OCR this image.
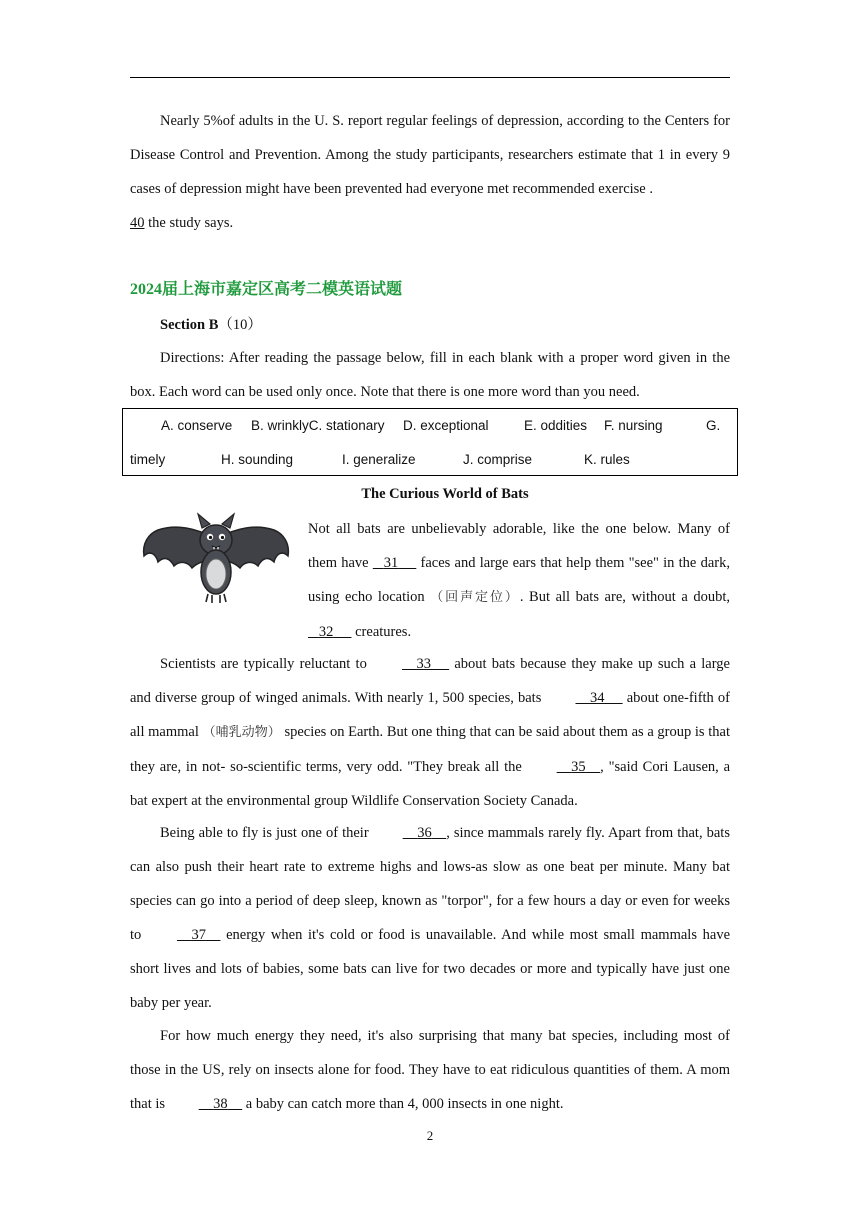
Nearly 5%of adults in the U. S. report regular feelings of depression, according to the Centers for Disease Control and Prevention. Among the study participants, researchers estimate that 1 in every 9 cases of depression might have been prevented had everyone met recommended exercise .
40 the study says.

2024届上海市嘉定区高考二模英语试题
Section B（10）

Directions: After reading the passage below, fill in each blank with a proper word given in the box. Each word can be used only once. Note that there is one more word than you need.

A. conserve B. wrinklyC. stationary D. exceptional	E. oddities F. nursing	G.
timely	H. sounding	I. generalize	J. comprise	K. rules
The Curious World of Bats

Not all bats are unbelievably adorable, like the one below. Many of them have    31      faces and large ears that help them "see" in the dark, using echo location （回声定位）. But all bats are, without a doubt,    32      creatures.

Scientists are typically reluctant to	33      about bats because they make up such a large and diverse group of winged animals. With nearly 1, 500 species, bats	34      about one-fifth of all mammal （哺乳动物） species on Earth. But one thing that can be said about them as a group is that they are, in not- so-scientific terms, very odd. "They break all the	35 , "said Cori Lausen, a bat expert at the environmental group Wildlife Conservation Society Canada.

Being able to fly is just one of their	36 , since mammals rarely fly. Apart from that, bats can also push their heart rate to extreme highs and lows-as slow as one beat per minute. Many bat species can go into a period of deep sleep, known as "torpor", for a few hours a day or even for weeks to	37     energy when it's cold or food is unavailable. And while most small mammals have short lives and lots of babies, some bats can live for two decades or more and typically have just one baby per year.

For how much energy they need, it's also surprising that many bat species, including most of those in the US, rely on insects alone for food. They have to eat ridiculous quantities of them. A mom that is	38     a baby can catch more than 4, 000 insects in one night.

2
